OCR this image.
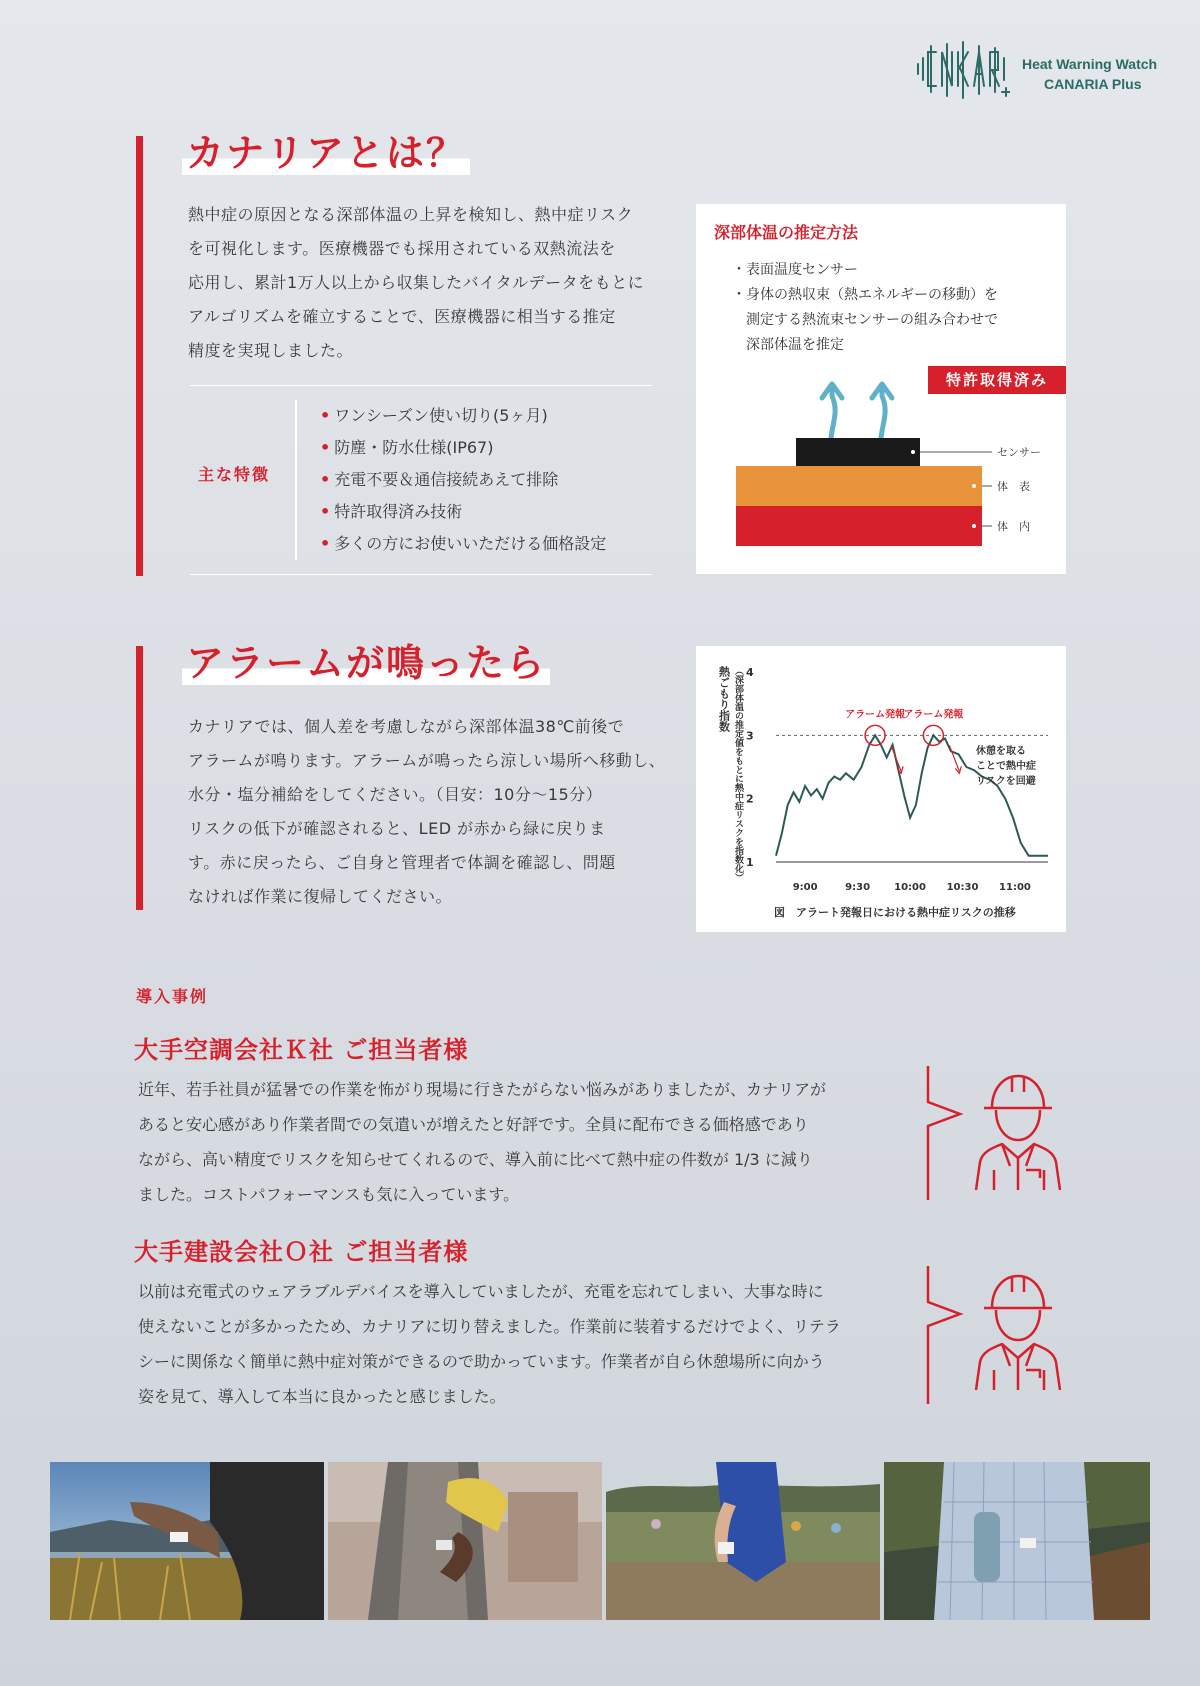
Heat Warning Watch
CANARIA Plus
カナリアとは？
熱中症の原因となる深部体温の上昇を検知し、熱中症リスク
を可視化します。医療機器でも採用されている双熱流法を
応用し、累計1万人以上から収集したバイタルデータをもとに
アルゴリズムを確立することで、医療機器に相当する推定
精度を実現しました。
主な特徴
• ワンシーズン使い切り(5ヶ月)
• 防塵・防水仕様(IP67)
• 充電不要＆通信接続あえて排除
• 特許取得済み技術
• 多くの方にお使いいただける価格設定
深部体温の推定方法
・表面温度センサー
・身体の熱収束（熱エネルギーの移動）を
　測定する熱流束センサーの組み合わせで
　深部体温を推定
特許取得済み
センサー
体　表
体　内
アラームが鳴ったら
カナリアでは、個人差を考慮しながら深部体温38℃前後で
アラームが鳴ります。アラームが鳴ったら涼しい場所へ移動し、
水分・塩分補給をしてください。（目安：10分〜15分）
リスクの低下が確認されると、LED が赤から緑に戻りま
す。赤に戻ったら、ご自身と管理者で体調を確認し、問題
なければ作業に復帰してください。
熱ごもり指数 （深部体温の推定値をもとに熱中症リスクを指数化） 1
2
3
4
9:00	9:30 10:00 10:30 11:00
アラーム発報
アラーム発報
休憩を取る
ことで熱中症
リスクを回避
図　アラート発報日における熱中症リスクの推移
導入事例
大手空調会社Ｋ社 ご担当者様
近年、若手社員が猛暑での作業を怖がり現場に行きたがらない悩みがありましたが、カナリアが
あると安心感があり作業者間での気遣いが増えたと好評です。全員に配布できる価格感であり
ながら、高い精度でリスクを知らせてくれるので、導入前に比べて熱中症の件数が 1/3 に減り
ました。コストパフォーマンスも気に入っています。
大手建設会社Ｏ社 ご担当者様
以前は充電式のウェアラブルデバイスを導入していましたが、充電を忘れてしまい、大事な時に
使えないことが多かったため、カナリアに切り替えました。作業前に装着するだけでよく、リテラ
シーに関係なく簡単に熱中症対策ができるので助かっています。作業者が自ら休憩場所に向かう
姿を見て、導入して本当に良かったと感じました。
